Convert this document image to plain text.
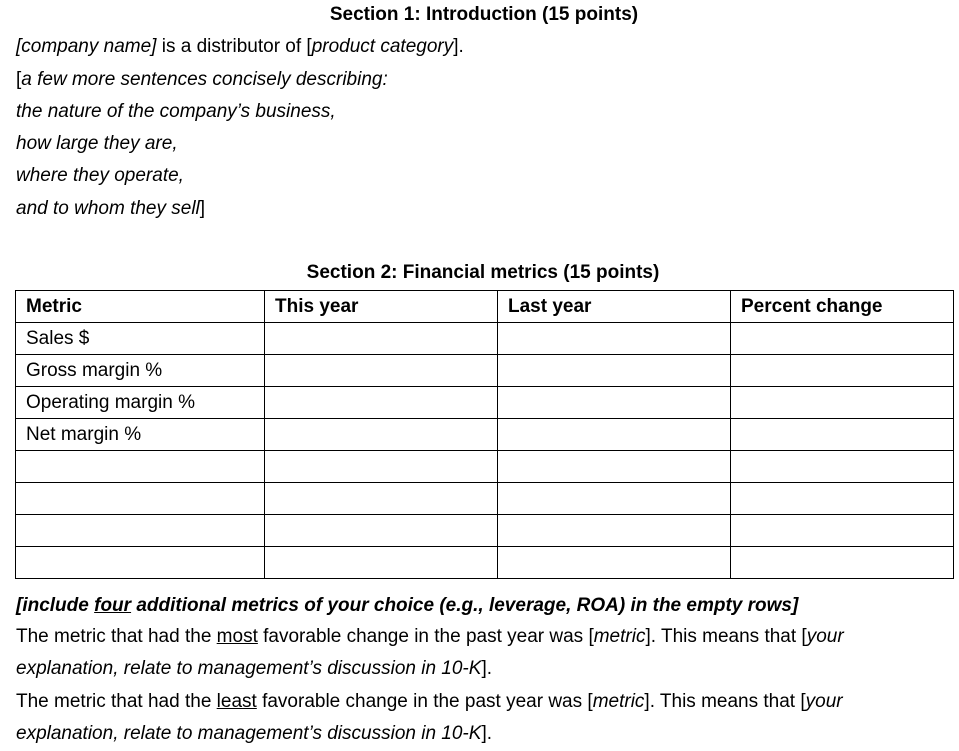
Section 1: Introduction (15 points)
[company name] is a distributor of [product category].
[a few more sentences concisely describing:
the nature of the company’s business,
how large they are,
where they operate,
and to whom they sell]
Section 2: Financial metrics (15 points)
Metric	This year	Last year	Percent change
Sales $			
Gross margin %			
Operating margin %			
Net margin %			

[include four additional metrics of your choice (e.g., leverage, ROA) in the empty rows]
The metric that had the most favorable change in the past year was [metric]. This means that [your
explanation, relate to management’s discussion in 10-K].
The metric that had the least favorable change in the past year was [metric]. This means that [your
explanation, relate to management’s discussion in 10-K].
